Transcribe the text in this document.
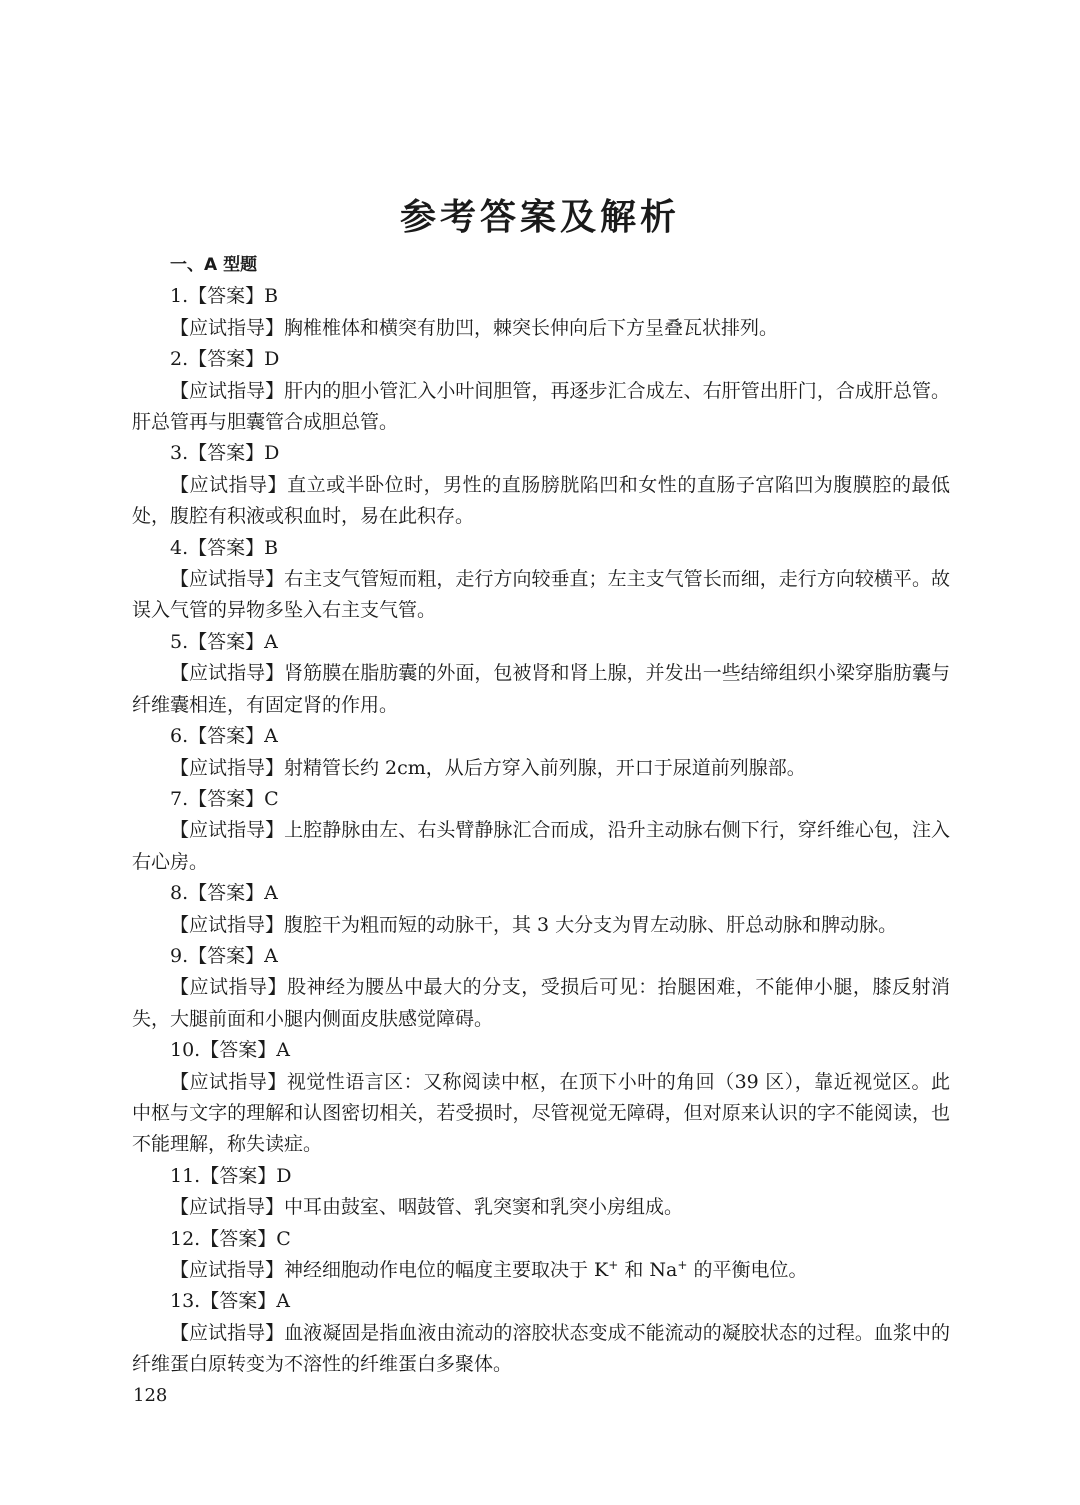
参考答案及解析
一、A 型题
1.【答案】B
【应试指导】胸椎椎体和横突有肋凹，棘突长伸向后下方呈叠瓦状排列。
2.【答案】D
【应试指导】肝内的胆小管汇入小叶间胆管，再逐步汇合成左、右肝管出肝门，合成肝总管。肝总管再与胆囊管合成胆总管。
3.【答案】D
【应试指导】直立或半卧位时，男性的直肠膀胱陷凹和女性的直肠子宫陷凹为腹膜腔的最低处，腹腔有积液或积血时，易在此积存。
4.【答案】B
【应试指导】右主支气管短而粗，走行方向较垂直；左主支气管长而细，走行方向较横平。故误入气管的异物多坠入右主支气管。
5.【答案】A
【应试指导】肾筋膜在脂肪囊的外面，包被肾和肾上腺，并发出一些结缔组织小梁穿脂肪囊与纤维囊相连，有固定肾的作用。
6.【答案】A
【应试指导】射精管长约 2cm，从后方穿入前列腺，开口于尿道前列腺部。
7.【答案】C
【应试指导】上腔静脉由左、右头臂静脉汇合而成，沿升主动脉右侧下行，穿纤维心包，注入右心房。
8.【答案】A
【应试指导】腹腔干为粗而短的动脉干，其 3 大分支为胃左动脉、肝总动脉和脾动脉。
9.【答案】A
【应试指导】股神经为腰丛中最大的分支，受损后可见：抬腿困难，不能伸小腿，膝反射消失，大腿前面和小腿内侧面皮肤感觉障碍。
10.【答案】A
【应试指导】视觉性语言区：又称阅读中枢，在顶下小叶的角回（39 区），靠近视觉区。此中枢与文字的理解和认图密切相关，若受损时，尽管视觉无障碍，但对原来认识的字不能阅读，也不能理解，称失读症。
11.【答案】D
【应试指导】中耳由鼓室、咽鼓管、乳突窦和乳突小房组成。
12.【答案】C
【应试指导】神经细胞动作电位的幅度主要取决于 K+ 和 Na+ 的平衡电位。
13.【答案】A
【应试指导】血液凝固是指血液由流动的溶胶状态变成不能流动的凝胶状态的过程。血浆中的纤维蛋白原转变为不溶性的纤维蛋白多聚体。
128
